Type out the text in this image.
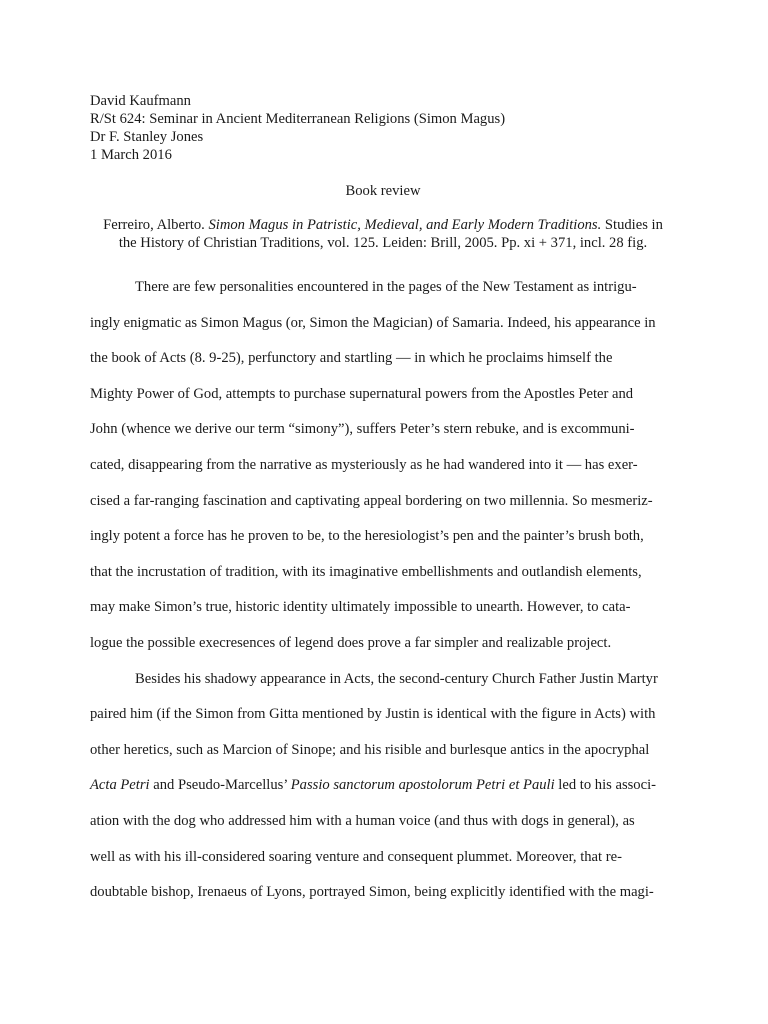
David Kaufmann
R/St 624: Seminar in Ancient Mediterranean Religions (Simon Magus)
Dr F. Stanley Jones
1 March 2016
Book review
Ferreiro, Alberto. Simon Magus in Patristic, Medieval, and Early Modern Traditions. Studies in
the History of Christian Traditions, vol. 125. Leiden: Brill, 2005. Pp. xi + 371, incl. 28 fig.
There are few personalities encountered in the pages of the New Testament as intrigu-
ingly enigmatic as Simon Magus (or, Simon the Magician) of Samaria. Indeed, his appearance in
the book of Acts (8. 9-25), perfunctory and startling — in which he proclaims himself the
Mighty Power of God, attempts to purchase supernatural powers from the Apostles Peter and
John (whence we derive our term “simony”), suffers Peter’s stern rebuke, and is excommuni-
cated, disappearing from the narrative as mysteriously as he had wandered into it — has exer-
cised a far-ranging fascination and captivating appeal bordering on two millennia. So mesmeriz-
ingly potent a force has he proven to be, to the heresiologist’s pen and the painter’s brush both,
that the incrustation of tradition, with its imaginative embellishments and outlandish elements,
may make Simon’s true, historic identity ultimately impossible to unearth. However, to cata-
logue the possible execresences of legend does prove a far simpler and realizable project.
Besides his shadowy appearance in Acts, the second-century Church Father Justin Martyr
paired him (if the Simon from Gitta mentioned by Justin is identical with the figure in Acts) with
other heretics, such as Marcion of Sinope; and his risible and burlesque antics in the apocryphal
Acta Petri and Pseudo-Marcellus’ Passio sanctorum apostolorum Petri et Pauli led to his associ-
ation with the dog who addressed him with a human voice (and thus with dogs in general), as
well as with his ill-considered soaring venture and consequent plummet. Moreover, that re-
doubtable bishop, Irenaeus of Lyons, portrayed Simon, being explicitly identified with the magi-
